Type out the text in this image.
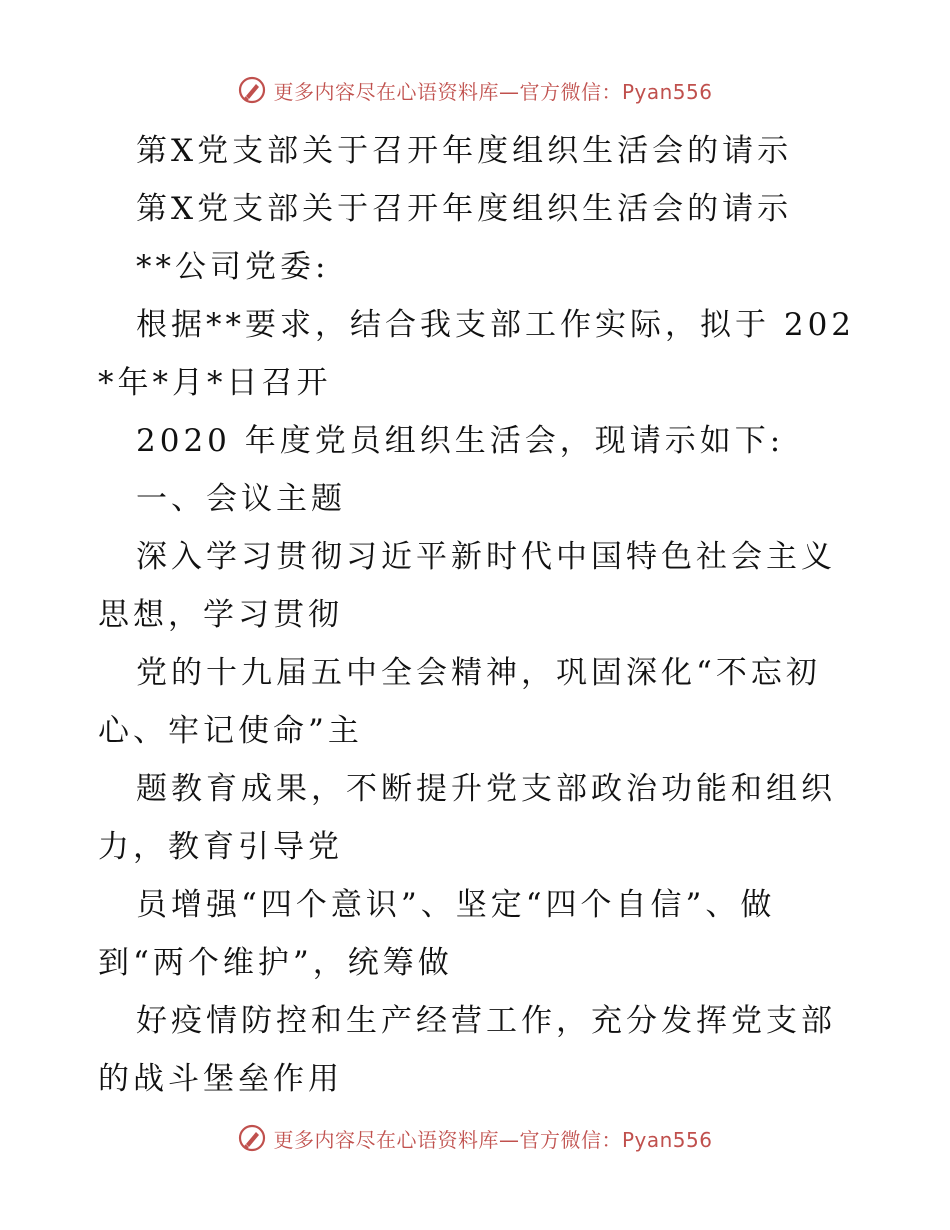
更多内容尽在心语资料库—官方微信：Pyan556

第X党支部关于召开年度组织生活会的请示

第X党支部关于召开年度组织生活会的请示

**公司党委:

根据**要求，结合我支部工作实际，拟于 202*年*月*日召开

2020 年度党员组织生活会，现请示如下:

一、会议主题

深入学习贯彻习近平新时代中国特色社会主义思想，学习贯彻

党的十九届五中全会精神，巩固深化“不忘初心、牢记使命”主

题教育成果，不断提升党支部政治功能和组织力，教育引导党

员增强“四个意识”、坚定“四个自信”、做到“两个维护”，统筹做

好疫情防控和生产经营工作，充分发挥党支部的战斗堡垒作用

更多内容尽在心语资料库—官方微信：Pyan556
